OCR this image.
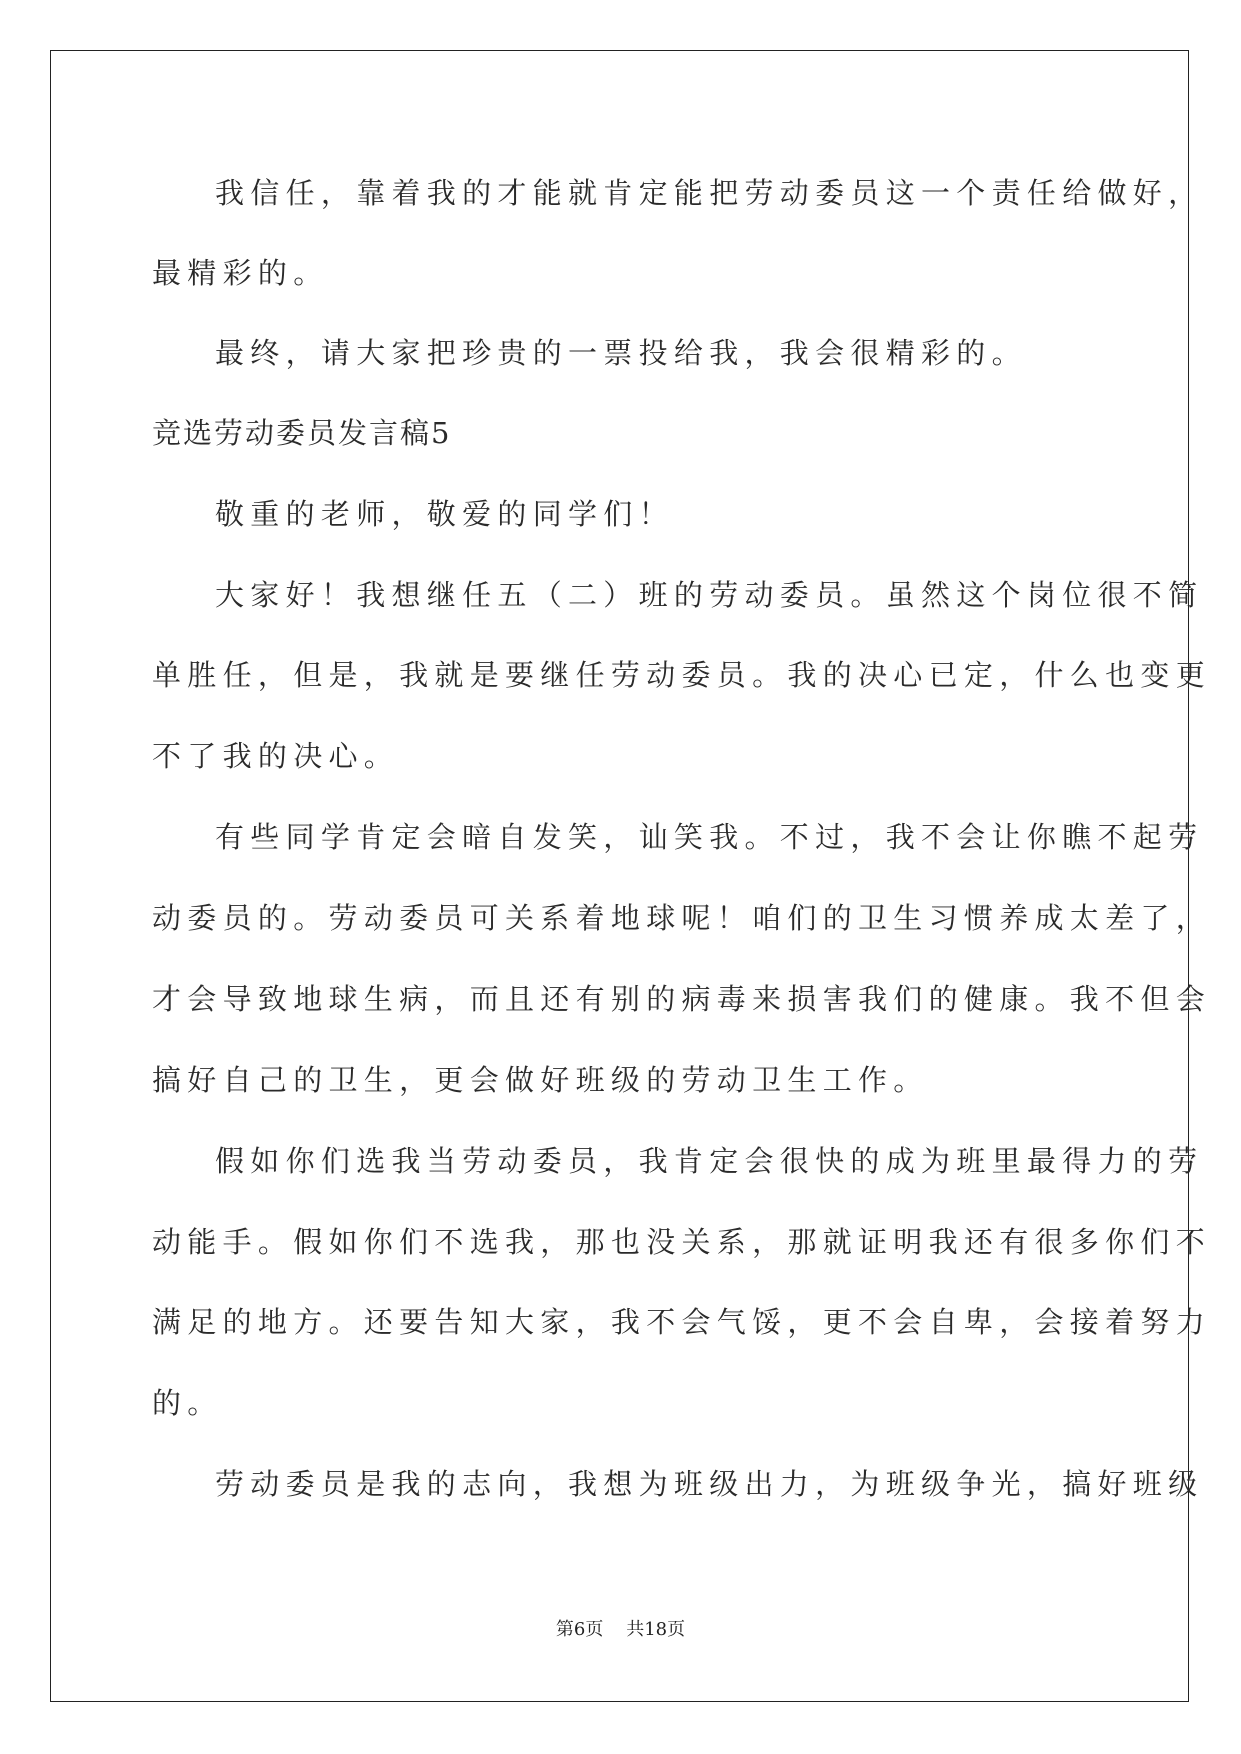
我信任，靠着我的才能就肯定能把劳动委员这一个责任给做好，
最精彩的。
最终，请大家把珍贵的一票投给我，我会很精彩的。
竞选劳动委员发言稿5
敬重的老师，敬爱的同学们！
大家好！我想继任五（二）班的劳动委员。虽然这个岗位很不简
单胜任，但是，我就是要继任劳动委员。我的决心已定，什么也变更
不了我的决心。
有些同学肯定会暗自发笑，讪笑我。不过，我不会让你瞧不起劳
动委员的。劳动委员可关系着地球呢！咱们的卫生习惯养成太差了，
才会导致地球生病，而且还有别的病毒来损害我们的健康。我不但会
搞好自己的卫生，更会做好班级的劳动卫生工作。
假如你们选我当劳动委员，我肯定会很快的成为班里最得力的劳
动能手。假如你们不选我，那也没关系，那就证明我还有很多你们不
满足的地方。还要告知大家，我不会气馁，更不会自卑，会接着努力
的。
劳动委员是我的志向，我想为班级出力，为班级争光，搞好班级
第6页    共18页
